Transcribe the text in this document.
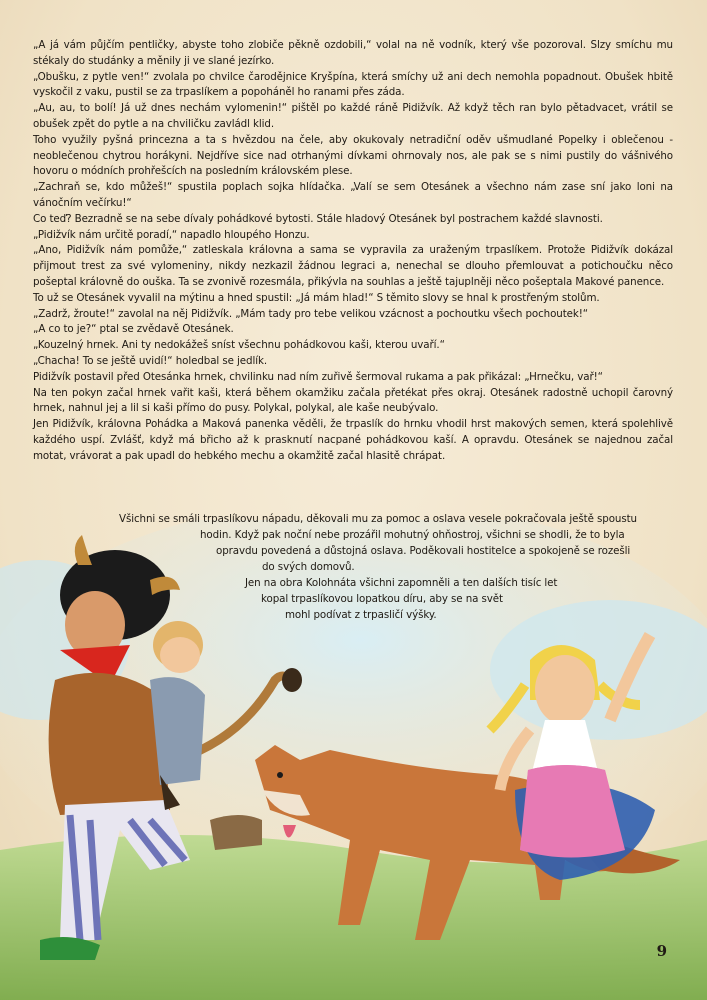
„A já vám půjčím pentličky, abyste toho zlobiče pěkně ozdobili,“ volal na ně vodník, který vše pozoroval. Slzy smíchu mu stékaly do studánky a měnily ji ve slané jezírko.

„Obušku, z pytle ven!“ zvolala po chvilce čarodějnice Kryšpína, která smíchy už ani dech nemohla popadnout. Obušek hbitě vyskočil z vaku, pustil se za trpaslíkem a popoháněl ho ranami přes záda.

„Au, au, to bolí! Já už dnes nechám vylomenin!“ pištěl po každé ráně Pidižvík. Až když těch ran bylo pětadvacet, vrátil se obušek zpět do pytle a na chviličku zavládl klid.

Toho využily pyšná princezna a ta s hvězdou na čele, aby okukovaly netradiční oděv ušmudlané Popelky i oblečenou -neoblečenou chytrou horákyni. Nejdříve sice nad otrhanými dívkami ohrnovaly nos, ale pak se s nimi pustily do vášnivého hovoru o módních prohřešcích na posledním královském plese.

„Zachraň se, kdo můžeš!“ spustila poplach sojka hlídačka. „Valí se sem Otesánek a všechno nám zase sní jako loni na vánočním večírku!“

Co teď? Bezradně se na sebe dívaly pohádkové bytosti. Stále hladový Otesánek byl postrachem každé slavnosti.

„Pidižvík nám určitě poradí,“ napadlo hloupého Honzu.

„Ano, Pidižvík nám pomůže,“ zatleskala královna a sama se vypravila za uraženým trpaslíkem. Protože Pidižvík dokázal přijmout trest za své vylomeniny, nikdy nezkazil žádnou legraci a, nenechal se dlouho přemlouvat a potichoučku něco pošeptal královně do ouška. Ta se zvonivě rozesmála, přikývla na souhlas a ještě tajuplněji něco pošeptala Makové panence.

To už se Otesánek vyvalil na mýtinu a hned spustil: „Já mám hlad!“ S těmito slovy se hnal k prostřeným stolům.

„Zadrž, žroute!“ zavolal na něj Pidižvík. „Mám tady pro tebe velikou vzácnost a pochoutku všech pochoutek!“

„A co to je?“ ptal se zvědavě Otesánek.

„Kouzelný hrnek. Ani ty nedokážeš sníst všechnu pohádkovou kaši, kterou uvaří.“

„Chacha! To se ještě uvidí!“ holedbal se jedlík.

Pidižvík postavil před Otesánka hrnek, chvilinku nad ním zuřivě šermoval rukama a pak přikázal: „Hrnečku, vař!“

Na ten pokyn začal hrnek vařit kaši, která během okamžiku začala přetékat přes okraj. Otesánek radostně uchopil čarovný hrnek, nahnul jej a lil si kaši přímo do pusy. Polykal, polykal, ale kaše neubývalo.

Jen Pidižvík, královna Pohádka a Maková panenka věděli, že trpaslík do hrnku vhodil hrst makových semen, která spolehlivě každého uspí. Zvlášť, když má břicho až k prasknutí nacpané pohádkovou kaší. A opravdu. Otesánek se najednou začal motat, vrávorat a pak upadl do hebkého mechu a okamžitě začal hlasitě chrápat.

Všichni se smáli trpaslíkovu nápadu, děkovali mu za pomoc a oslava vesele pokračovala ještě spoustu
hodin. Když pak noční nebe prozářil mohutný ohňostroj, všichni se shodli, že to byla
opravdu povedená a důstojná oslava. Poděkovali hostitelce a spokojeně se rozešli
do svých domovů.
Jen na obra Kolohnáta všichni zapomněli a ten dalších tisíc let
kopal trpaslíkovou lopatkou díru, aby se na svět
mohl podívat z trpasličí výšky.
9
